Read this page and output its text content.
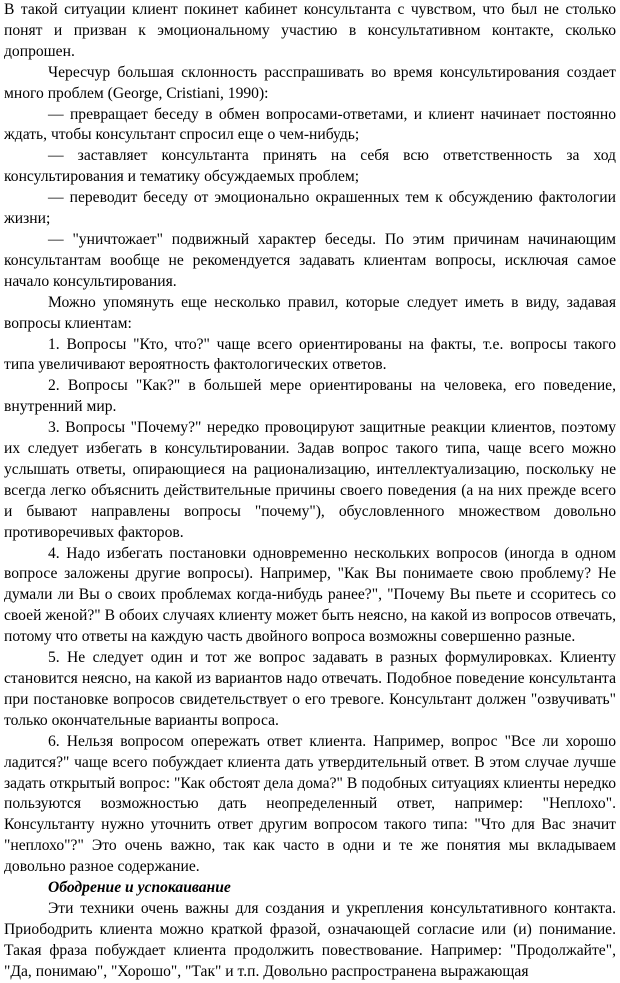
В такой ситуации клиент покинет кабинет консультанта с чувством, что был не столько понят и призван к эмоциональному участию в консультативном контакте, сколько допрошен.

Чересчур большая склонность расспрашивать во время консультирования создает много проблем (George, Cristiani, 1990):

— превращает беседу в обмен вопросами-ответами, и клиент начинает постоянно ждать, чтобы консультант спросил еще о чем-нибудь;

— заставляет консультанта принять на себя всю ответственность за ход консультирования и тематику обсуждаемых проблем;

— переводит беседу от эмоционально окрашенных тем к обсуждению фактологии жизни;

— "уничтожает" подвижный характер беседы. По этим причинам начинающим консультантам вообще не рекомендуется задавать клиентам вопросы, исключая самое начало консультирования.

Можно упомянуть еще несколько правил, которые следует иметь в виду, задавая вопросы клиентам:

1. Вопросы "Кто, что?" чаще всего ориентированы на факты, т.е. вопросы такого типа увеличивают вероятность фактологических ответов.

2. Вопросы "Как?" в большей мере ориентированы на человека, его поведение, внутренний мир.

3. Вопросы "Почему?" нередко провоцируют защитные реакции клиентов, поэтому их следует избегать в консультировании. Задав вопрос такого типа, чаще всего можно услышать ответы, опирающиеся на рационализацию, интеллектуализацию, поскольку не всегда легко объяснить действительные причины своего поведения (а на них прежде всего и бывают направлены вопросы "почему"), обусловленного множеством довольно противоречивых факторов.

4. Надо избегать постановки одновременно нескольких вопросов (иногда в одном вопросе заложены другие вопросы). Например, "Как Вы понимаете свою проблему? Не думали ли Вы о своих проблемах когда-нибудь ранее?", "Почему Вы пьете и ссоритесь со своей женой?" В обоих случаях клиенту может быть неясно, на какой из вопросов отвечать, потому что ответы на каждую часть двойного вопроса возможны совершенно разные.

5. Не следует один и тот же вопрос задавать в разных формулировках. Клиенту становится неясно, на какой из вариантов надо отвечать. Подобное поведение консультанта при постановке вопросов свидетельствует о его тревоге. Консультант должен "озвучивать" только окончательные варианты вопроса.

6. Нельзя вопросом опережать ответ клиента. Например, вопрос "Все ли хорошо ладится?" чаще всего побуждает клиента дать утвердительный ответ. В этом случае лучше задать открытый вопрос: "Как обстоят дела дома?" В подобных ситуациях клиенты нередко пользуются возможностью дать неопределенный ответ, например: "Неплохо". Консультанту нужно уточнить ответ другим вопросом такого типа: "Что для Вас значит "неплохо"?" Это очень важно, так как часто в одни и те же понятия мы вкладываем довольно разное содержание.

Ободрение и успокаивание

Эти техники очень важны для создания и укрепления консультативного контакта. Приободрить клиента можно краткой фразой, означающей согласие или (и) понимание. Такая фраза побуждает клиента продолжить повествование. Например: "Продолжайте", "Да, понимаю", "Хорошо", "Так" и т.п. Довольно распространена выражающая
